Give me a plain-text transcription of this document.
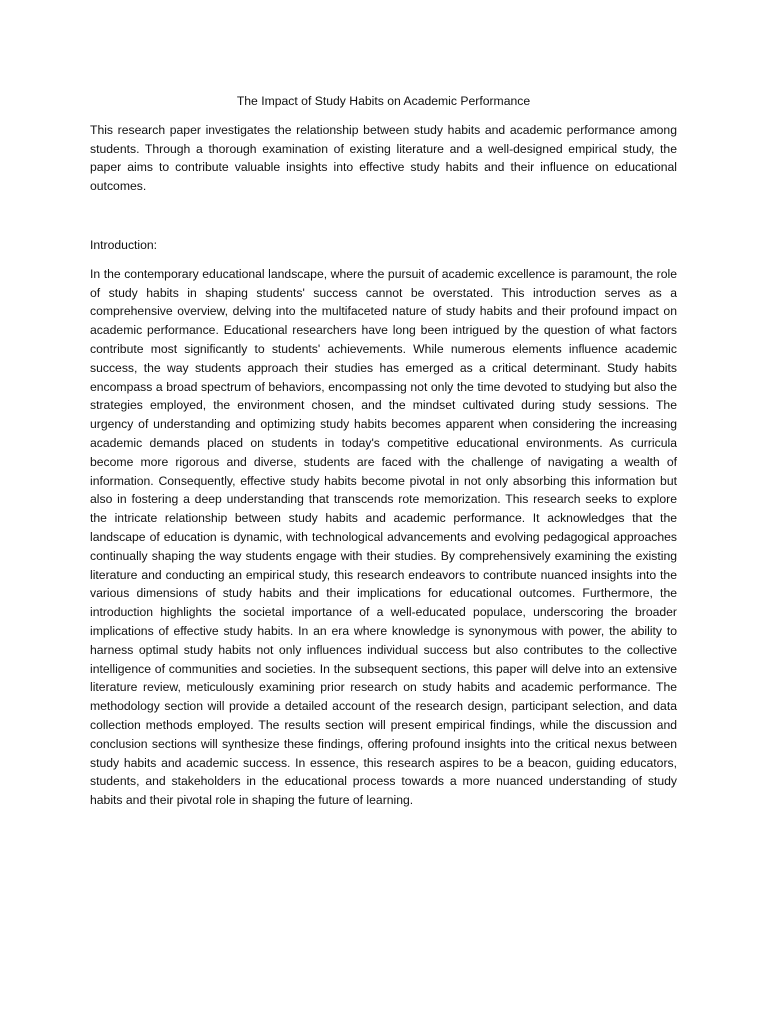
The Impact of Study Habits on Academic Performance

This research paper investigates the relationship between study habits and academic performance among students. Through a thorough examination of existing literature and a well-designed empirical study, the paper aims to contribute valuable insights into effective study habits and their influence on educational outcomes.

Introduction:

In the contemporary educational landscape, where the pursuit of academic excellence is paramount, the role of study habits in shaping students' success cannot be overstated. This introduction serves as a comprehensive overview, delving into the multifaceted nature of study habits and their profound impact on academic performance. Educational researchers have long been intrigued by the question of what factors contribute most significantly to students' achievements. While numerous elements influence academic success, the way students approach their studies has emerged as a critical determinant. Study habits encompass a broad spectrum of behaviors, encompassing not only the time devoted to studying but also the strategies employed, the environment chosen, and the mindset cultivated during study sessions. The urgency of understanding and optimizing study habits becomes apparent when considering the increasing academic demands placed on students in today's competitive educational environments. As curricula become more rigorous and diverse, students are faced with the challenge of navigating a wealth of information. Consequently, effective study habits become pivotal in not only absorbing this information but also in fostering a deep understanding that transcends rote memorization. This research seeks to explore the intricate relationship between study habits and academic performance. It acknowledges that the landscape of education is dynamic, with technological advancements and evolving pedagogical approaches continually shaping the way students engage with their studies. By comprehensively examining the existing literature and conducting an empirical study, this research endeavors to contribute nuanced insights into the various dimensions of study habits and their implications for educational outcomes. Furthermore, the introduction highlights the societal importance of a well-educated populace, underscoring the broader implications of effective study habits. In an era where knowledge is synonymous with power, the ability to harness optimal study habits not only influences individual success but also contributes to the collective intelligence of communities and societies. In the subsequent sections, this paper will delve into an extensive literature review, meticulously examining prior research on study habits and academic performance. The methodology section will provide a detailed account of the research design, participant selection, and data collection methods employed. The results section will present empirical findings, while the discussion and conclusion sections will synthesize these findings, offering profound insights into the critical nexus between study habits and academic success. In essence, this research aspires to be a beacon, guiding educators, students, and stakeholders in the educational process towards a more nuanced understanding of study habits and their pivotal role in shaping the future of learning.
